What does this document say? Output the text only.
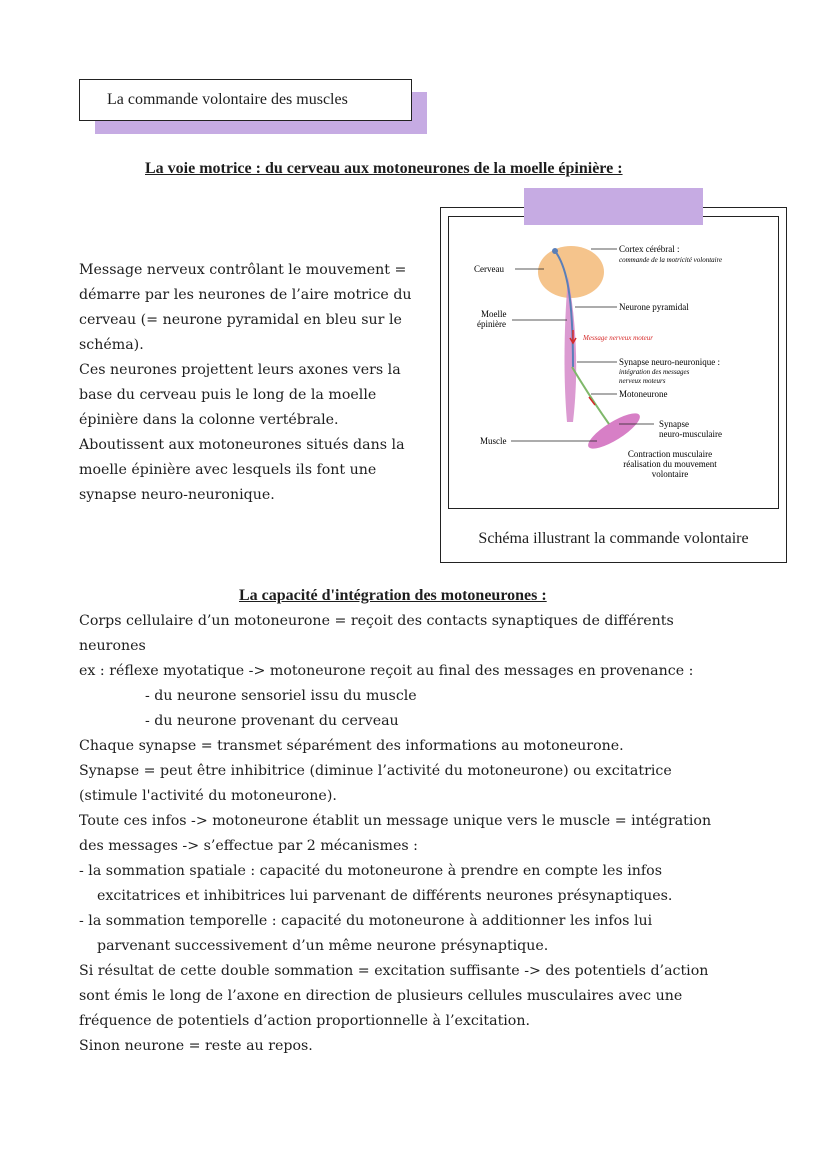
La commande volontaire des muscles
La voie motrice : du cerveau aux motoneurones de la moelle épinière :
Message nerveux contrôlant le mouvement =
démarre par les neurones de l’aire motrice du
cerveau (= neurone pyramidal en bleu sur le
schéma).
Ces neurones projettent leurs axones vers la
base du cerveau puis le long de la moelle
épinière dans la colonne vertébrale.
Aboutissent aux motoneurones situés dans la
moelle épinière avec lesquels ils font une
synapse neuro-neuronique.
Cortex cérébral :
commande de la motricité volontaire
Cerveau
Moelle
épinière
Neurone pyramidal
Message nerveux moteur
Synapse neuro-neuronique :
intégration des messages
nerveux moteurs
Motoneurone
Synapse
neuro-musculaire
Muscle
Contraction musculaire
réalisation du mouvement
volontaire
Schéma illustrant la commande volontaire
La capacité d'intégration des motoneurones :
Corps cellulaire d’un motoneurone = reçoit des contacts synaptiques de différents
neurones
ex : réflexe myotatique -> motoneurone reçoit au final des messages en provenance :
- du neurone sensoriel issu du muscle
- du neurone provenant du cerveau
Chaque synapse = transmet séparément des informations au motoneurone.
Synapse = peut être inhibitrice (diminue l’activité du motoneurone) ou excitatrice
(stimule l'activité du motoneurone).
Toute ces infos -> motoneurone établit un message unique vers le muscle = intégration
des messages -> s’effectue par 2 mécanismes :
- la sommation spatiale : capacité du motoneurone à prendre en compte les infos
excitatrices et inhibitrices lui parvenant de différents neurones présynaptiques.
- la sommation temporelle : capacité du motoneurone à additionner les infos lui
parvenant successivement d’un même neurone présynaptique.
Si résultat de cette double sommation = excitation suffisante -> des potentiels d’action
sont émis le long de l’axone en direction de plusieurs cellules musculaires avec une
fréquence de potentiels d’action proportionnelle à l’excitation.
Sinon neurone = reste au repos.
